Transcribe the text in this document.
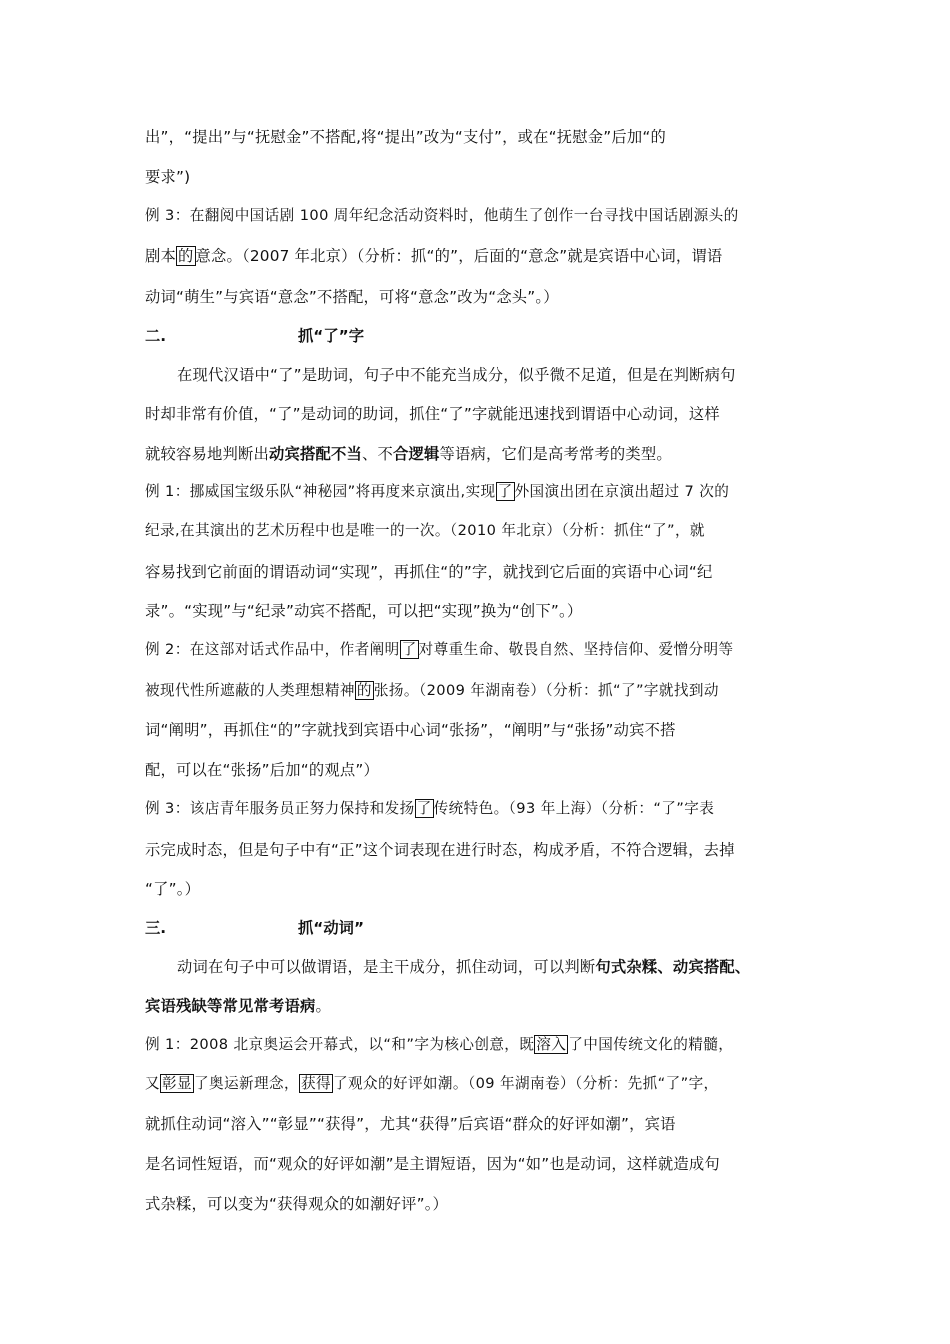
出”，“提出”与“抚慰金”不搭配,将“提出”改为“支付”，或在“抚慰金”后加“的
要求”)
例 3：在翻阅中国话剧 100 周年纪念活动资料时，他萌生了创作一台寻找中国话剧源头的
剧本 的 意念。（2007 年北京）（分析：抓“的”，后面的“意念”就是宾语中心词，谓语
动词“萌生”与宾语“意念”不搭配，可将“意念”改为“念头”。）
二.	抓“了”字
在现代汉语中“了”是助词，句子中不能充当成分，似乎微不足道，但是在判断病句
时却非常有价值，“了”是动词的助词，抓住“了”字就能迅速找到谓语中心动词，这样
就较容易地判断出动宾搭配不当、不合逻辑等语病，它们是高考常考的类型。
例 1：挪威国宝级乐队“神秘园”将再度来京演出,实现 了 外国演出团在京演出超过 7 次的
纪录,在其演出的艺术历程中也是唯一的一次。（2010 年北京）（分析：抓住“了”，就
容易找到它前面的谓语动词“实现”，再抓住“的”字，就找到它后面的宾语中心词“纪
录”。“实现”与“纪录”动宾不搭配，可以把“实现”换为“创下”。）
例 2：在这部对话式作品中，作者阐明 了 对尊重生命、敬畏自然、坚持信仰、爱憎分明等
被现代性所遮蔽的人类理想精神 的 张扬。（2009 年湖南卷）（分析：抓“了”字就找到动
词“阐明”，再抓住“的”字就找到宾语中心词“张扬”，“阐明”与“张扬”动宾不搭
配，可以在“张扬”后加“的观点”）
例 3：该店青年服务员正努力保持和发扬 了 传统特色。（93 年上海）（分析：“了”字表
示完成时态，但是句子中有“正”这个词表现在进行时态，构成矛盾，不符合逻辑，去掉
“了”。）
三.	抓“动词”
动词在句子中可以做谓语，是主干成分，抓住动词，可以判断句式杂糅、动宾搭配、
宾语残缺等常见常考语病。
例 1：2008 北京奥运会开幕式，以“和”字为核心创意，既 溶入 了中国传统文化的精髓，
又 彰显 了奥运新理念， 获得 了观众的好评如潮。（09 年湖南卷）（分析：先抓“了”字，
就抓住动词“溶入”“彰显”“获得”，尤其“获得”后宾语“群众的好评如潮”，宾语
是名词性短语，而“观众的好评如潮”是主谓短语，因为“如”也是动词，这样就造成句
式杂糅，可以变为“获得观众的如潮好评”。）
